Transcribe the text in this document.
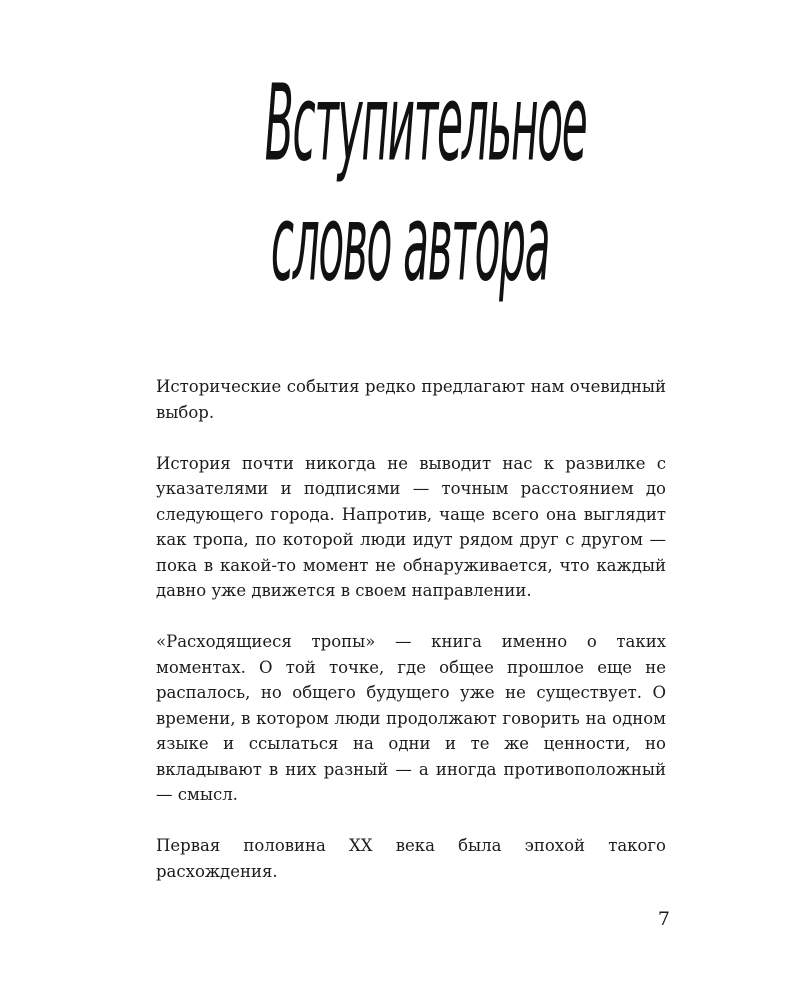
Вступительное
слово автора

Исторические события редко предлагают нам очевидный выбор.

История почти никогда не выводит нас к развилке с указателями и подписями — точным расстоянием до следующего города. Напротив, чаще всего она выглядит как тропа, по которой люди идут рядом друг с другом — пока в какой-то момент не обнаруживается, что каждый давно уже движется в своем направлении.

«Расходящиеся тропы» — книга именно о таких моментах. О той точке, где общее прошлое еще не распалось, но общего будущего уже не существует. О времени, в котором люди продолжают говорить на одном языке и ссылаться на одни и те же ценности, но вкладывают в них разный — а иногда противоположный — смысл.

Первая половина XX века была эпохой такого расхождения.

7
